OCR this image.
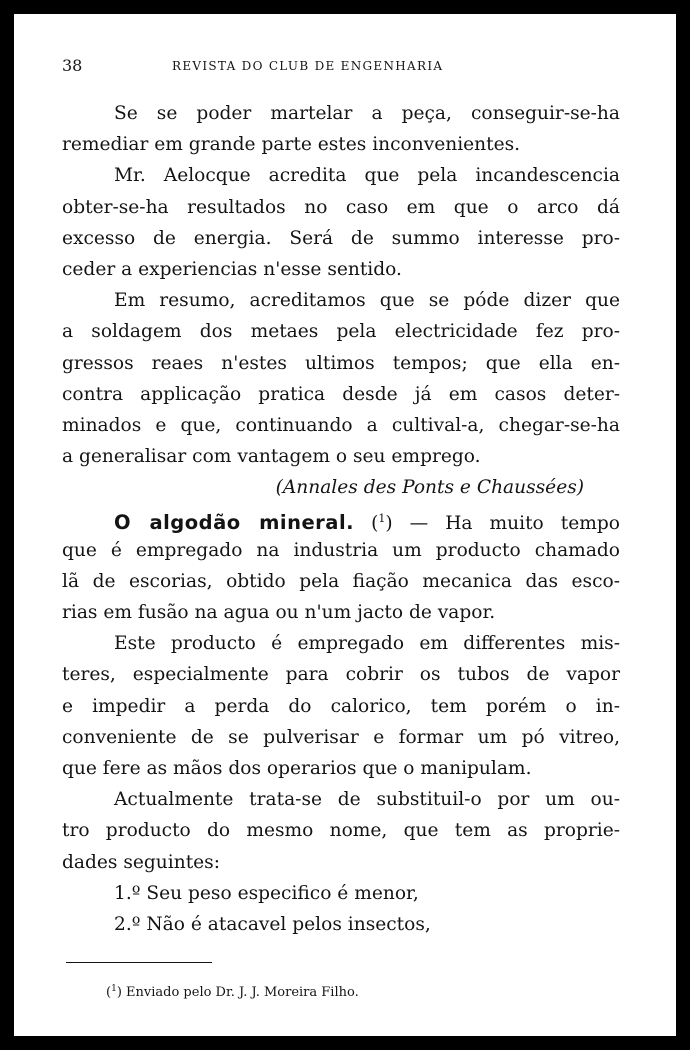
38	REVISTA DO CLUB DE ENGENHARIA
Se se poder martelar a peça, conseguir-se-ha
remediar em grande parte estes inconvenientes.
Mr. Aelocque acredita que pela incandescencia
obter-se-ha resultados no caso em que o arco dá
excesso de energia. Será de summo interesse pro-
ceder a experiencias n'esse sentido.
Em resumo, acreditamos que se póde dizer que
a soldagem dos metaes pela electricidade fez pro-
gressos reaes n'estes ultimos tempos; que ella en-
contra applicação pratica desde já em casos deter-
minados e que, continuando a cultival-a, chegar-se-ha
a generalisar com vantagem o seu emprego.
(Annales des Ponts e Chaussées)
O algodão mineral. ($^1$) — Ha muito tempo
que é empregado na industria um producto chamado
lã de escorias, obtido pela fiação mecanica das esco-
rias em fusão na agua ou n'um jacto de vapor.
Este producto é empregado em differentes mis-
teres, especialmente para cobrir os tubos de vapor
e impedir a perda do calorico, tem porém o in-
conveniente de se pulverisar e formar um pó vitreo,
que fere as mãos dos operarios que o manipulam.
Actualmente trata-se de substituil-o por um ou-
tro producto do mesmo nome, que tem as proprie-
dades seguintes:
1.º Seu peso especifico é menor,
2.º Não é atacavel pelos insectos,
($^1$) Enviado pelo Dr. J. J. Moreira Filho.
